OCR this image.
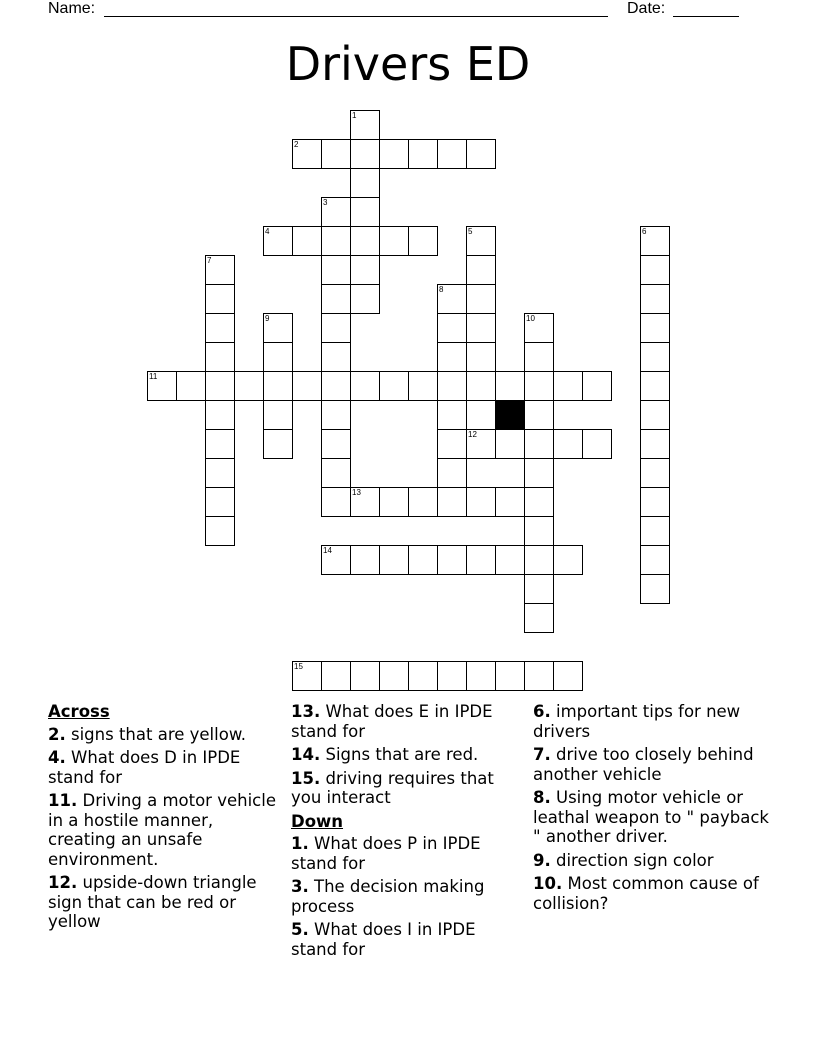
Name:	Date:
Drivers ED
1
2
3
4	5	6
7
8
9	10
11
12
13
14
15
Across
2. signs that are yellow.
4. What does D in IPDE stand for
11. Driving a motor vehicle in a hostile manner, creating an unsafe environment.
12. upside-down triangle sign that can be red or yellow
13. What does E in IPDE stand for
14. Signs that are red.
15. driving requires that you interact
Down
1. What does P in IPDE stand for
3. The decision making process
5. What does I in IPDE stand for
6. important tips for new drivers
7. drive too closely behind another vehicle
8. Using motor vehicle or leathal weapon to " payback " another driver.
9. direction sign color
10. Most common cause of collision?
